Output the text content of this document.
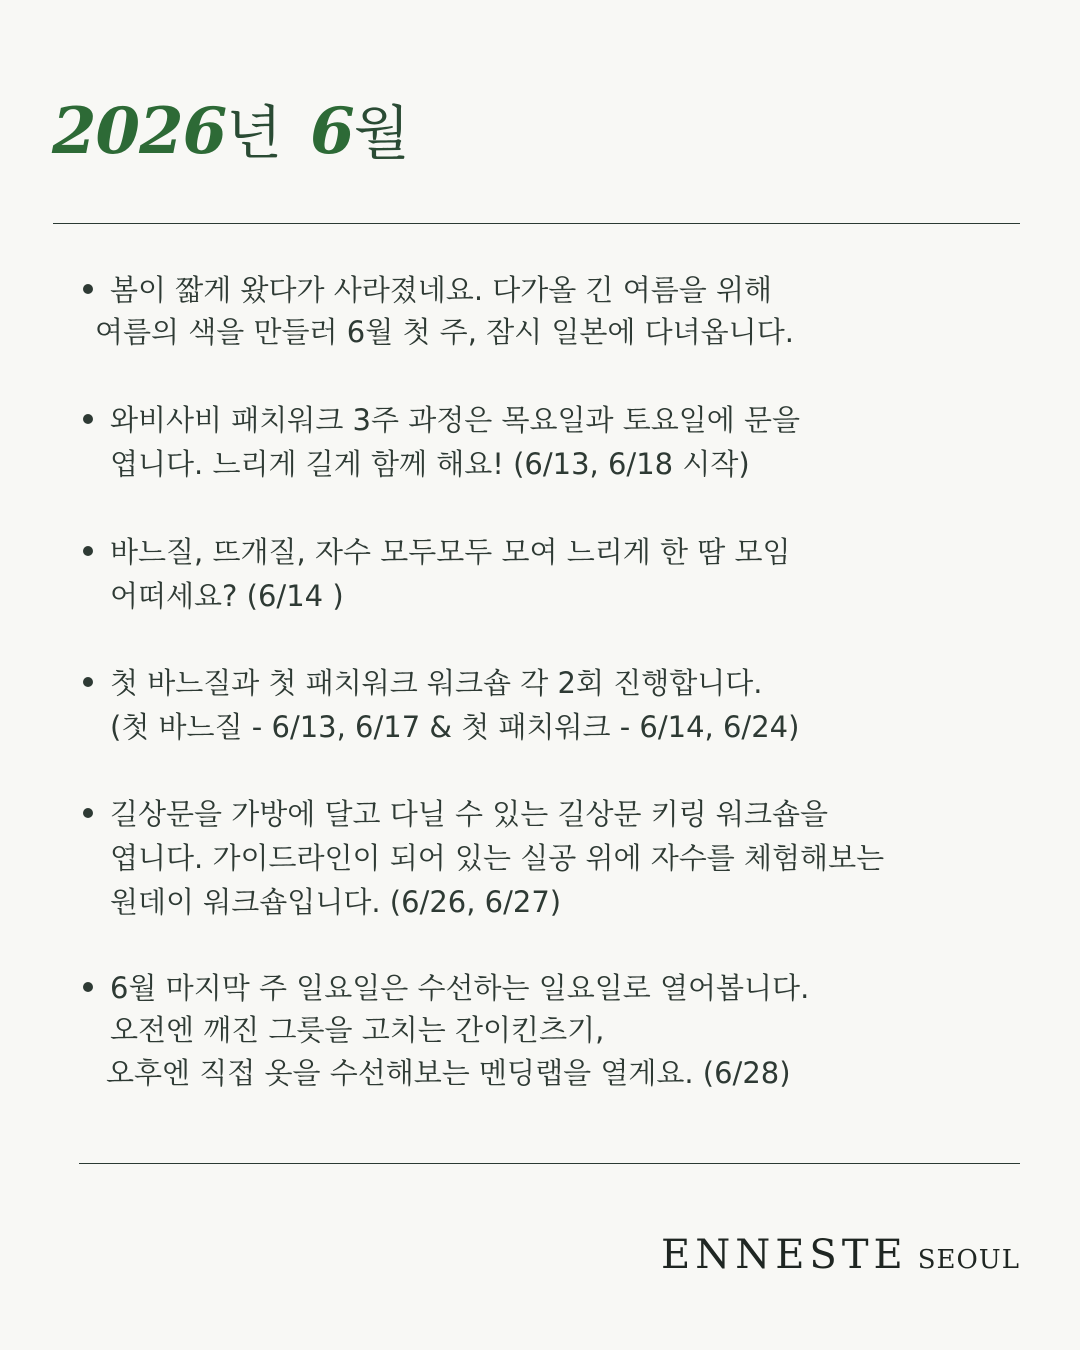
2026년 6월
봄이 짧게 왔다가 사라졌네요. 다가올 긴 여름을 위해
여름의 색을 만들러 6월 첫 주, 잠시 일본에 다녀옵니다.
와비사비 패치워크 3주 과정은 목요일과 토요일에 문을
엽니다. 느리게 길게 함께 해요! (6/13, 6/18 시작)
바느질, 뜨개질, 자수 모두모두 모여 느리게 한 땀 모임
어떠세요? (6/14 )
첫 바느질과 첫 패치워크 워크숍 각 2회 진행합니다.
(첫 바느질 - 6/13, 6/17 & 첫 패치워크 - 6/14, 6/24)
길상문을 가방에 달고 다닐 수 있는 길상문 키링 워크숍을
엽니다. 가이드라인이 되어 있는 실공 위에 자수를 체험해보는
원데이 워크숍입니다. (6/26, 6/27)
6월 마지막 주 일요일은 수선하는 일요일로 열어봅니다.
오전엔 깨진 그릇을 고치는 간이킨츠기,
오후엔 직접 옷을 수선해보는 멘딩랩을 열게요. (6/28)
ENNESTE SEOUL
